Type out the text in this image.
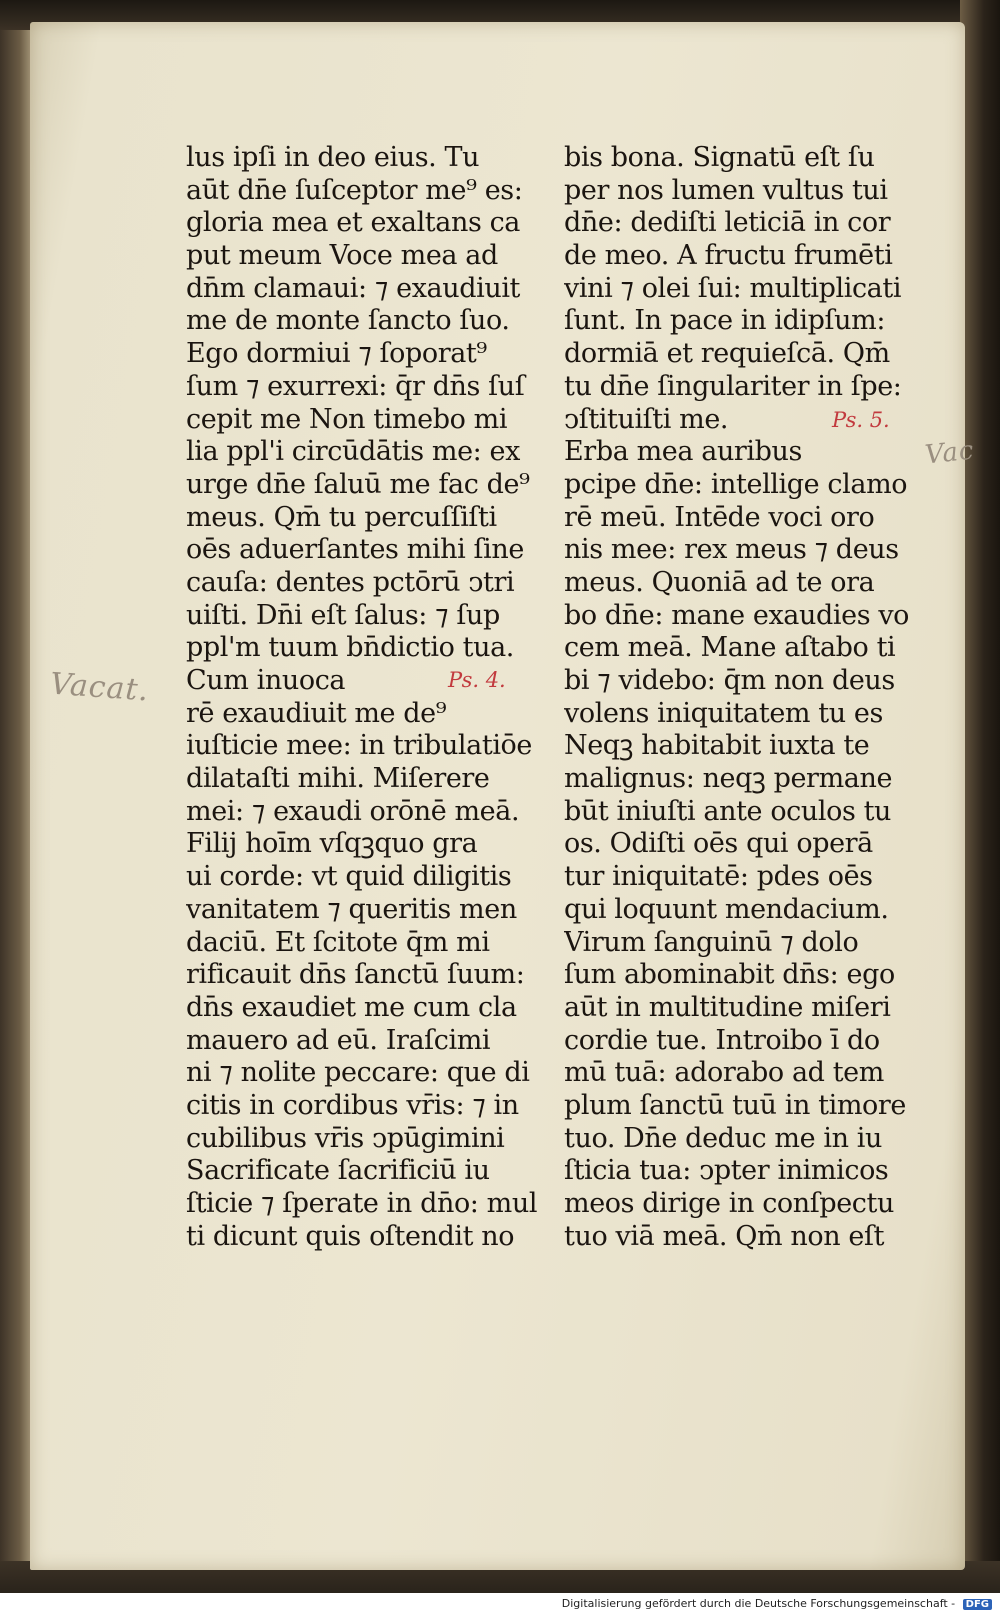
Vacat.
Vac
Ps. 4.
Ps. 5.
lus ipſi in deo eius. Tu
aūt dn̄e ſuſceptor me⁹ es:
gloria mea et exaltans ca
put meum Voce mea ad
dn̄m clamaui: ⁊ exaudiuit
me de monte ſancto ſuo.
Ego dormiui ⁊ ſoporat⁹
ſum ⁊ exurrexi: q̄r dn̄s ſuſ
cepit me Non timebo mi
lia ppl'i circūdātis me: ex
urge dn̄e ſaluū me fac de⁹
meus. Qm̄ tu percuſſiſti
oēs aduerſantes mihi ſine
cauſa: dentes pctōrū ↄtri
uiſti. Dn̄i eſt ſalus: ⁊ ſup
ppl'm tuum bn̄dictio tua.
Cum inuoca
rē exaudiuit me de⁹
iuſticie mee: in tribulatiōe
dilataſti mihi. Miſerere
mei: ⁊ exaudi orōnē meā.
Filij hoīm vſqꝫquo gra
ui corde: vt quid diligitis
vanitatem ⁊ queritis men
daciū. Et ſcitote q̄m mi
rificauit dn̄s ſanctū ſuum:
dn̄s exaudiet me cum cla
mauero ad eū. Iraſcimi
ni ⁊ nolite peccare: que di
citis in cordibus vr̄is: ⁊ in
cubilibus vr̄is ↄpūgimini
Sacrificate ſacrificiū iu
ſticie ⁊ ſperate in dn̄o: mul
ti dicunt quis oſtendit no
bis bona. Signatū eſt ſu
per nos lumen vultus tui
dn̄e: dediſti leticiā in cor
de meo. A fructu frumēti
vini ⁊ olei ſui: multiplicati
ſunt. In pace in idipſum:
dormiā et requieſcā. Qm̄
tu dn̄e ſingulariter in ſpe:
ↄſtituiſti me.
Erba mea auribus
pcipe dn̄e: intellige clamo
rē meū. Intēde voci oro
nis mee: rex meus ⁊ deus
meus. Quoniā ad te ora
bo dn̄e: mane exaudies vo
cem meā. Mane aſtabo ti
bi ⁊ videbo: q̄m non deus
volens iniquitatem tu es
Neqꝫ habitabit iuxta te
malignus: neqꝫ permane
būt iniuſti ante oculos tu
os. Odiſti oēs qui operā
tur iniquitatē: pdes oēs
qui loquunt mendacium.
Virum ſanguinū ⁊ dolo
ſum abominabit dn̄s: ego
aūt in multitudine miſeri
cordie tue. Introibo ī do
mū tuā: adorabo ad tem
plum ſanctū tuū in timore
tuo. Dn̄e deduc me in iu
ſticia tua: ↄpter inimicos
meos dirige in conſpectu
tuo viā meā. Qm̄ non eſt
Digitalisierung gefördert durch die Deutsche Forschungsgemeinschaft - DFG
